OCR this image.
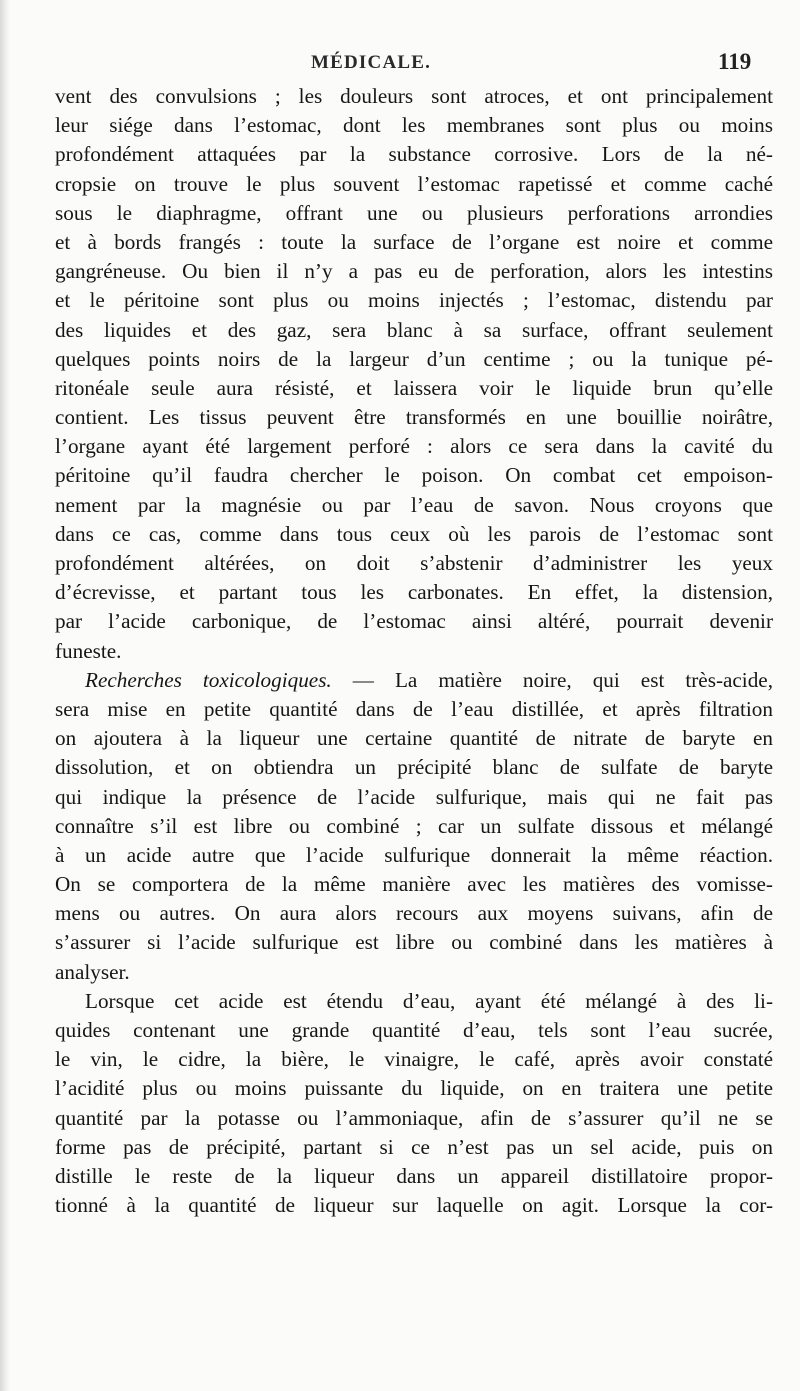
MÉDICALE.	119
vent des convulsions ; les douleurs sont atroces, et ont principalement
leur siége dans l’estomac, dont les membranes sont plus ou moins
profondément attaquées par la substance corrosive. Lors de la né-
cropsie on trouve le plus souvent l’estomac rapetissé et comme caché
sous le diaphragme, offrant une ou plusieurs perforations arrondies
et à bords frangés : toute la surface de l’organe est noire et comme
gangréneuse. Ou bien il n’y a pas eu de perforation, alors les intestins
et le péritoine sont plus ou moins injectés ; l’estomac, distendu par
des liquides et des gaz, sera blanc à sa surface, offrant seulement
quelques points noirs de la largeur d’un centime ; ou la tunique pé-
ritonéale seule aura résisté, et laissera voir le liquide brun qu’elle
contient. Les tissus peuvent être transformés en une bouillie noirâtre,
l’organe ayant été largement perforé : alors ce sera dans la cavité du
péritoine qu’il faudra chercher le poison. On combat cet empoison-
nement par la magnésie ou par l’eau de savon. Nous croyons que
dans ce cas, comme dans tous ceux où les parois de l’estomac sont
profondément altérées, on doit s’abstenir d’administrer les yeux
d’écrevisse, et partant tous les carbonates. En effet, la distension,
par l’acide carbonique, de l’estomac ainsi altéré, pourrait devenir
funeste.
Recherches toxicologiques. — La matière noire, qui est très-acide,
sera mise en petite quantité dans de l’eau distillée, et après filtration
on ajoutera à la liqueur une certaine quantité de nitrate de baryte en
dissolution, et on obtiendra un précipité blanc de sulfate de baryte
qui indique la présence de l’acide sulfurique, mais qui ne fait pas
connaître s’il est libre ou combiné ; car un sulfate dissous et mélangé
à un acide autre que l’acide sulfurique donnerait la même réaction.
On se comportera de la même manière avec les matières des vomisse-
mens ou autres. On aura alors recours aux moyens suivans, afin de
s’assurer si l’acide sulfurique est libre ou combiné dans les matières à
analyser.
Lorsque cet acide est étendu d’eau, ayant été mélangé à des li-
quides contenant une grande quantité d’eau, tels sont l’eau sucrée,
le vin, le cidre, la bière, le vinaigre, le café, après avoir constaté
l’acidité plus ou moins puissante du liquide, on en traitera une petite
quantité par la potasse ou l’ammoniaque, afin de s’assurer qu’il ne se
forme pas de précipité, partant si ce n’est pas un sel acide, puis on
distille le reste de la liqueur dans un appareil distillatoire propor-
tionné à la quantité de liqueur sur laquelle on agit. Lorsque la cor-
